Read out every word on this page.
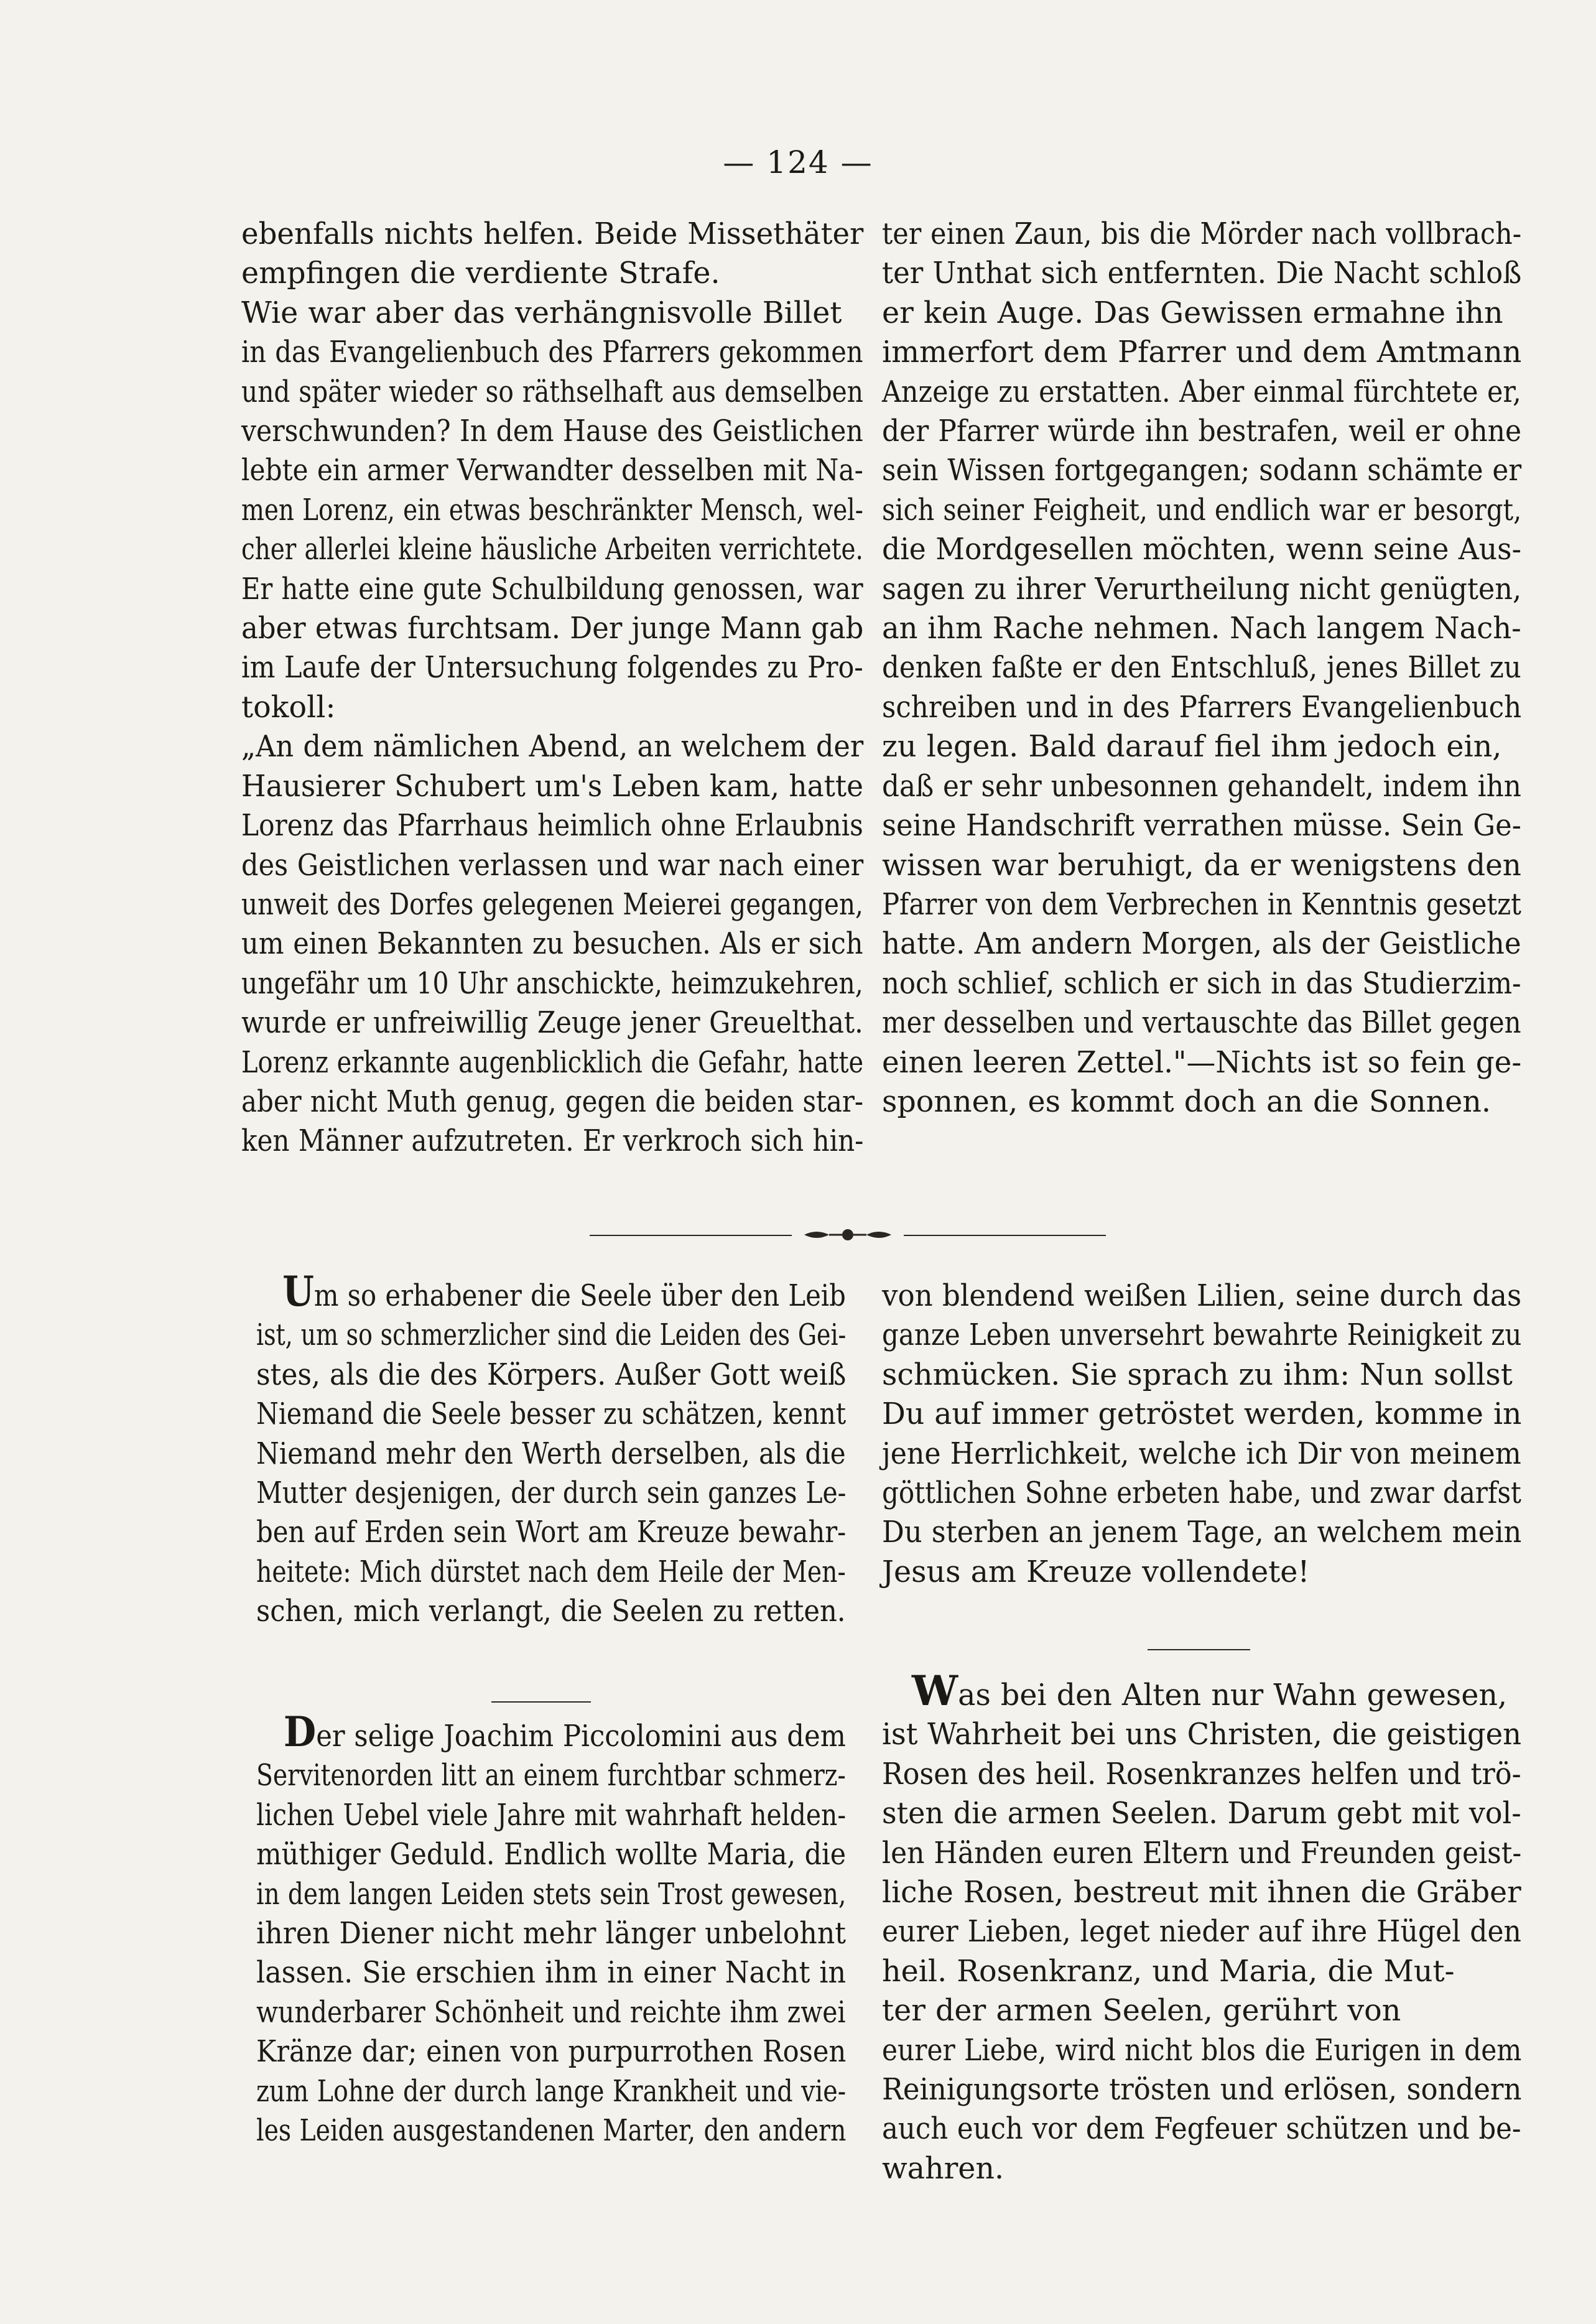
— 124 —
ebenfalls nichts helfen. Beide Missethäter
empfingen die verdiente Strafe.
Wie war aber das verhängnisvolle Billet
in das Evangelienbuch des Pfarrers gekommen
und später wieder so räthselhaft aus demselben
verschwunden? In dem Hause des Geistlichen
lebte ein armer Verwandter desselben mit Na-
men Lorenz, ein etwas beschränkter Mensch, wel-
cher allerlei kleine häusliche Arbeiten verrichtete.
Er hatte eine gute Schulbildung genossen, war
aber etwas furchtsam. Der junge Mann gab
im Laufe der Untersuchung folgendes zu Pro-
tokoll:
„An dem nämlichen Abend, an welchem der
Hausierer Schubert um's Leben kam, hatte
Lorenz das Pfarrhaus heimlich ohne Erlaubnis
des Geistlichen verlassen und war nach einer
unweit des Dorfes gelegenen Meierei gegangen,
um einen Bekannten zu besuchen. Als er sich
ungefähr um 10 Uhr anschickte, heimzukehren,
wurde er unfreiwillig Zeuge jener Greuelthat.
Lorenz erkannte augenblicklich die Gefahr, hatte
aber nicht Muth genug, gegen die beiden star-
ken Männer aufzutreten. Er verkroch sich hin-
ter einen Zaun, bis die Mörder nach vollbrach-
ter Unthat sich entfernten. Die Nacht schloß
er kein Auge. Das Gewissen ermahne ihn
immerfort dem Pfarrer und dem Amtmann
Anzeige zu erstatten. Aber einmal fürchtete er,
der Pfarrer würde ihn bestrafen, weil er ohne
sein Wissen fortgegangen; sodann schämte er
sich seiner Feigheit, und endlich war er besorgt,
die Mordgesellen möchten, wenn seine Aus-
sagen zu ihrer Verurtheilung nicht genügten,
an ihm Rache nehmen. Nach langem Nach-
denken faßte er den Entschluß, jenes Billet zu
schreiben und in des Pfarrers Evangelienbuch
zu legen. Bald darauf fiel ihm jedoch ein,
daß er sehr unbesonnen gehandelt, indem ihn
seine Handschrift verrathen müsse. Sein Ge-
wissen war beruhigt, da er wenigstens den
Pfarrer von dem Verbrechen in Kenntnis gesetzt
hatte. Am andern Morgen, als der Geistliche
noch schlief, schlich er sich in das Studierzim-
mer desselben und vertauschte das Billet gegen
einen leeren Zettel."—Nichts ist so fein ge-
sponnen, es kommt doch an die Sonnen.
Um so erhabener die Seele über den Leib
ist, um so schmerzlicher sind die Leiden des Gei-
stes, als die des Körpers. Außer Gott weiß
Niemand die Seele besser zu schätzen, kennt
Niemand mehr den Werth derselben, als die
Mutter desjenigen, der durch sein ganzes Le-
ben auf Erden sein Wort am Kreuze bewahr-
heitete: Mich dürstet nach dem Heile der Men-
schen, mich verlangt, die Seelen zu retten.
Der selige Joachim Piccolomini aus dem
Servitenorden litt an einem furchtbar schmerz-
lichen Uebel viele Jahre mit wahrhaft helden-
müthiger Geduld. Endlich wollte Maria, die
in dem langen Leiden stets sein Trost gewesen,
ihren Diener nicht mehr länger unbelohnt
lassen. Sie erschien ihm in einer Nacht in
wunderbarer Schönheit und reichte ihm zwei
Kränze dar; einen von purpurrothen Rosen
zum Lohne der durch lange Krankheit und vie-
les Leiden ausgestandenen Marter, den andern
von blendend weißen Lilien, seine durch das
ganze Leben unversehrt bewahrte Reinigkeit zu
schmücken. Sie sprach zu ihm: Nun sollst
Du auf immer getröstet werden, komme in
jene Herrlichkeit, welche ich Dir von meinem
göttlichen Sohne erbeten habe, und zwar darfst
Du sterben an jenem Tage, an welchem mein
Jesus am Kreuze vollendete!
Was bei den Alten nur Wahn gewesen,
ist Wahrheit bei uns Christen, die geistigen
Rosen des heil. Rosenkranzes helfen und trö-
sten die armen Seelen. Darum gebt mit vol-
len Händen euren Eltern und Freunden geist-
liche Rosen, bestreut mit ihnen die Gräber
eurer Lieben, leget nieder auf ihre Hügel den
heil. Rosenkranz, und Maria, die Mut-
ter der armen Seelen, gerührt von
eurer Liebe, wird nicht blos die Eurigen in dem
Reinigungsorte trösten und erlösen, sondern
auch euch vor dem Fegfeuer schützen und be-
wahren.
